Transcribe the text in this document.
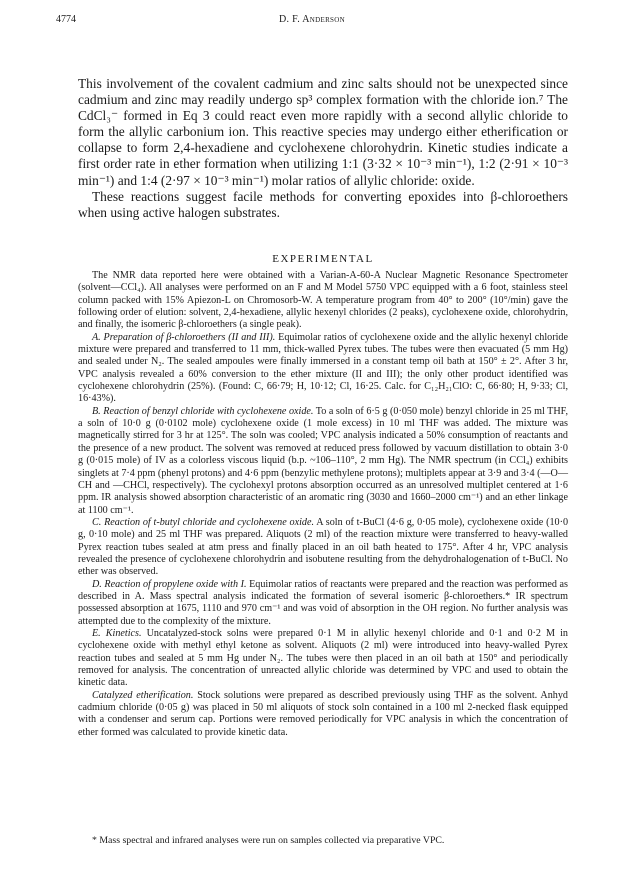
4774	D. F. Anderson

This involvement of the covalent cadmium and zinc salts should not be unexpected since cadmium and zinc may readily undergo sp³ complex formation with the chloride ion.⁷ The CdCl₃⁻ formed in Eq 3 could react even more rapidly with a second allylic chloride to form the allylic carbonium ion. This reactive species may undergo either etherification or collapse to form 2,4-hexadiene and cyclohexene chlorohydrin. Kinetic studies indicate a first order rate in ether formation when utilizing 1:1 (3·32 × 10⁻³ min⁻¹), 1:2 (2·91 × 10⁻³ min⁻¹) and 1:4 (2·97 × 10⁻³ min⁻¹) molar ratios of allylic chloride: oxide.

These reactions suggest facile methods for converting epoxides into β-chloroethers when using active halogen substrates.

EXPERIMENTAL

The NMR data reported here were obtained with a Varian-A-60-A Nuclear Magnetic Resonance Spectrometer (solvent—CCl₄). All analyses were performed on an F and M Model 5750 VPC equipped with a 6 foot, stainless steel column packed with 15% Apiezon-L on Chromosorb-W. A temperature program from 40° to 200° (10°/min) gave the following order of elution: solvent, 2,4-hexadiene, allylic hexenyl chlorides (2 peaks), cyclohexene oxide, chlorohydrin, and finally, the isomeric β-chloroethers (a single peak).

A. Preparation of β-chloroethers (II and III). Equimolar ratios of cyclohexene oxide and the allylic hexenyl chloride mixture were prepared and transferred to 11 mm, thick-walled Pyrex tubes. The tubes were then evacuated (5 mm Hg) and sealed under N₂. The sealed ampoules were finally immersed in a constant temp oil bath at 150° ± 2°. After 3 hr, VPC analysis revealed a 60% conversion to the ether mixture (II and III); the only other product identified was cyclohexene chlorohydrin (25%). (Found: C, 66·79; H, 10·12; Cl, 16·25. Calc. for C₁₂H₂₁ClO: C, 66·80; H, 9·33; Cl, 16·43%).

B. Reaction of benzyl chloride with cyclohexene oxide. To a soln of 6·5 g (0·050 mole) benzyl chloride in 25 ml THF, a soln of 10·0 g (0·0102 mole) cyclohexene oxide (1 mole excess) in 10 ml THF was added. The mixture was magnetically stirred for 3 hr at 125°. The soln was cooled; VPC analysis indicated a 50% consumption of reactants and the presence of a new product. The solvent was removed at reduced press followed by vacuum distillation to obtain 3·0 g (0·015 mole) of IV as a colorless viscous liquid (b.p. ~106–110°, 2 mm Hg). The NMR spectrum (in CCl₄) exhibits singlets at 7·4 ppm (phenyl protons) and 4·6 ppm (benzylic methylene protons); multiplets appear at 3·9 and 3·4 (—O—CH and —CHCl, respectively). The cyclohexyl protons absorption occurred as an unresolved multiplet centered at 1·6 ppm. IR analysis showed absorption characteristic of an aromatic ring (3030 and 1660–2000 cm⁻¹) and an ether linkage at 1100 cm⁻¹.

C. Reaction of t-butyl chloride and cyclohexene oxide. A soln of t-BuCl (4·6 g, 0·05 mole), cyclohexene oxide (10·0 g, 0·10 mole) and 25 ml THF was prepared. Aliquots (2 ml) of the reaction mixture were transferred to heavy-walled Pyrex reaction tubes sealed at atm press and finally placed in an oil bath heated to 175°. After 4 hr, VPC analysis revealed the presence of cyclohexene chlorohydrin and isobutene resulting from the dehydrohalogenation of t-BuCl. No ether was observed.

D. Reaction of propylene oxide with I. Equimolar ratios of reactants were prepared and the reaction was performed as described in A. Mass spectral analysis indicated the formation of several isomeric β-chloroethers.* IR spectrum possessed absorption at 1675, 1110 and 970 cm⁻¹ and was void of absorption in the OH region. No further analysis was attempted due to the complexity of the mixture.

E. Kinetics. Uncatalyzed-stock solns were prepared 0·1 M in allylic hexenyl chloride and 0·1 and 0·2 M in cyclohexene oxide with methyl ethyl ketone as solvent. Aliquots (2 ml) were introduced into heavy-walled Pyrex reaction tubes and sealed at 5 mm Hg under N₂. The tubes were then placed in an oil bath at 150° and periodically removed for analysis. The concentration of unreacted allylic chloride was determined by VPC and used to obtain the kinetic data.

Catalyzed etherification. Stock solutions were prepared as described previously using THF as the solvent. Anhyd cadmium chloride (0·05 g) was placed in 50 ml aliquots of stock soln contained in a 100 ml 2-necked flask equipped with a condenser and serum cap. Portions were removed periodically for VPC analysis in which the concentration of ether formed was calculated to provide kinetic data.

* Mass spectral and infrared analyses were run on samples collected via preparative VPC.
